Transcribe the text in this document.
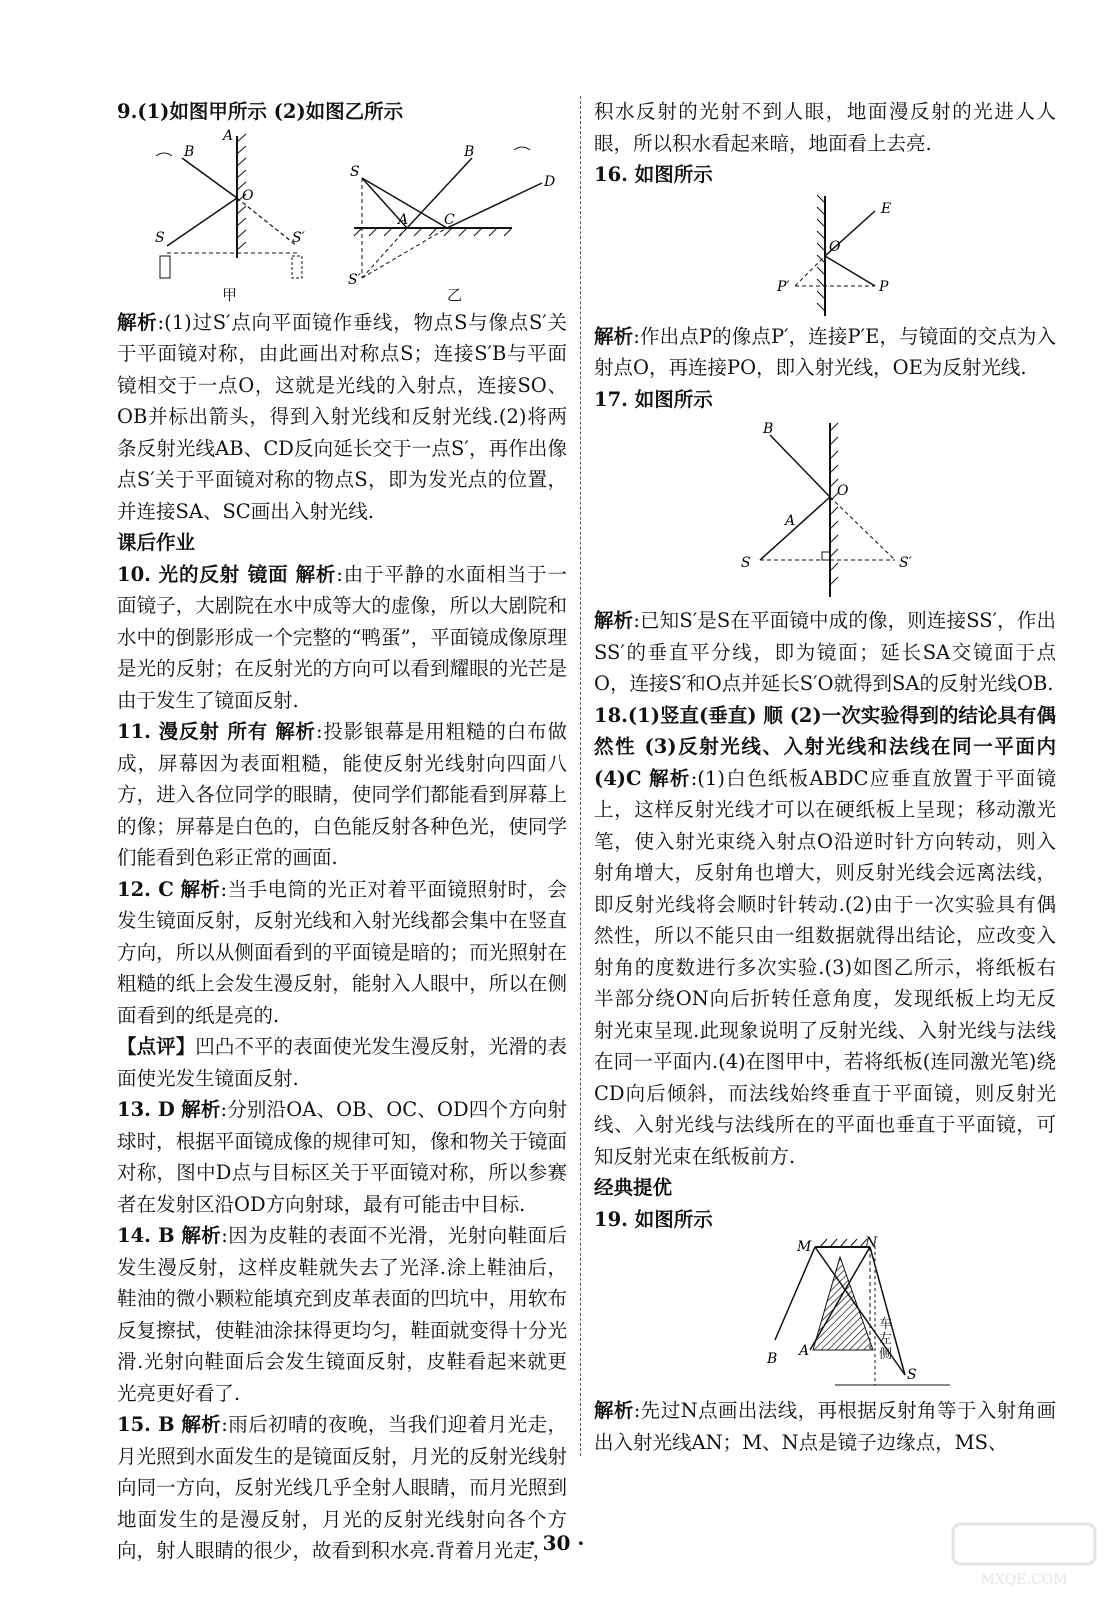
9.(1)如图甲所示 (2)如图乙所示

A
B
O
S	S′
S
B
D
A	C
S′
甲	乙

解析:(1)过S′点向平面镜作垂线，物点S与像点S′关于平面镜对称，由此画出对称点S；连接S′B与平面镜相交于一点O，这就是光线的入射点，连接SO、OB并标出箭头，得到入射光线和反射光线.(2)将两条反射光线AB、CD反向延长交于一点S′，再作出像点S′关于平面镜对称的物点S，即为发光点的位置，并连接SA、SC画出入射光线.

课后作业

10. 光的反射 镜面 解析:由于平静的水面相当于一面镜子，大剧院在水中成等大的虚像，所以大剧院和水中的倒影形成一个完整的“鸭蛋”，平面镜成像原理是光的反射；在反射光的方向可以看到耀眼的光芒是由于发生了镜面反射.

11. 漫反射 所有 解析:投影银幕是用粗糙的白布做成，屏幕因为表面粗糙，能使反射光线射向四面八方，进入各位同学的眼睛，使同学们都能看到屏幕上的像；屏幕是白色的，白色能反射各种色光，使同学们能看到色彩正常的画面.

12. C 解析:当手电筒的光正对着平面镜照射时，会发生镜面反射，反射光线和入射光线都会集中在竖直方向，所以从侧面看到的平面镜是暗的；而光照射在粗糙的纸上会发生漫反射，能射入人眼中，所以在侧面看到的纸是亮的.

【点评】凹凸不平的表面使光发生漫反射，光滑的表面使光发生镜面反射.

13. D 解析:分别沿OA、OB、OC、OD四个方向射球时，根据平面镜成像的规律可知，像和物关于镜面对称，图中D点与目标区关于平面镜对称，所以参赛者在发射区沿OD方向射球，最有可能击中目标.

14. B 解析:因为皮鞋的表面不光滑，光射向鞋面后发生漫反射，这样皮鞋就失去了光泽.涂上鞋油后，鞋油的微小颗粒能填充到皮革表面的凹坑中，用软布反复擦拭，使鞋油涂抹得更均匀，鞋面就变得十分光滑.光射向鞋面后会发生镜面反射，皮鞋看起来就更光亮更好看了.

15. B 解析:雨后初晴的夜晚，当我们迎着月光走，月光照到水面发生的是镜面反射，月光的反射光线射向同一方向，反射光线几乎全射人眼睛，而月光照到地面发生的是漫反射，月光的反射光线射向各个方向，射人眼睛的很少，故看到积水亮.背着月光走，

积水反射的光射不到人眼，地面漫反射的光进人人眼，所以积水看起来暗，地面看上去亮.

16. 如图所示

E
O
P
P′

解析:作出点P的像点P′，连接P′E，与镜面的交点为入射点O，再连接PO，即入射光线，OE为反射光线.

17. 如图所示

B
O
A
S	S′

解析:已知S′是S在平面镜中成的像，则连接SS′，作出SS′的垂直平分线，即为镜面；延长SA交镜面于点O，连接S′和O点并延长S′O就得到SA的反射光线OB.

18.(1)竖直(垂直) 顺 (2)一次实验得到的结论具有偶然性 (3)反射光线、入射光线和法线在同一平面内 (4)C 解析:(1)白色纸板ABDC应垂直放置于平面镜上，这样反射光线才可以在硬纸板上呈现；移动激光笔，使入射光束绕入射点O沿逆时针方向转动，则入射角增大，反射角也增大，则反射光线会远离法线，即反射光线将会顺时针转动.(2)由于一次实验具有偶然性，所以不能只由一组数据就得出结论，应改变入射角的度数进行多次实验.(3)如图乙所示，将纸板右半部分绕ON向后折转任意角度，发现纸板上均无反射光束呈现.此现象说明了反射光线、入射光线与法线在同一平面内.(4)在图甲中，若将纸板(连同激光笔)绕CD向后倾斜，而法线始终垂直于平面镜，则反射光线、入射光线与法线所在的平面也垂直于平面镜，可知反射光束在纸板前方.

经典提优

19. 如图所示

M	N
B A
S
车左侧

解析:先过N点画出法线，再根据反射角等于入射角画出入射光线AN；M、N点是镜子边缘点，MS、

· 30 ·
MXQE.COM
